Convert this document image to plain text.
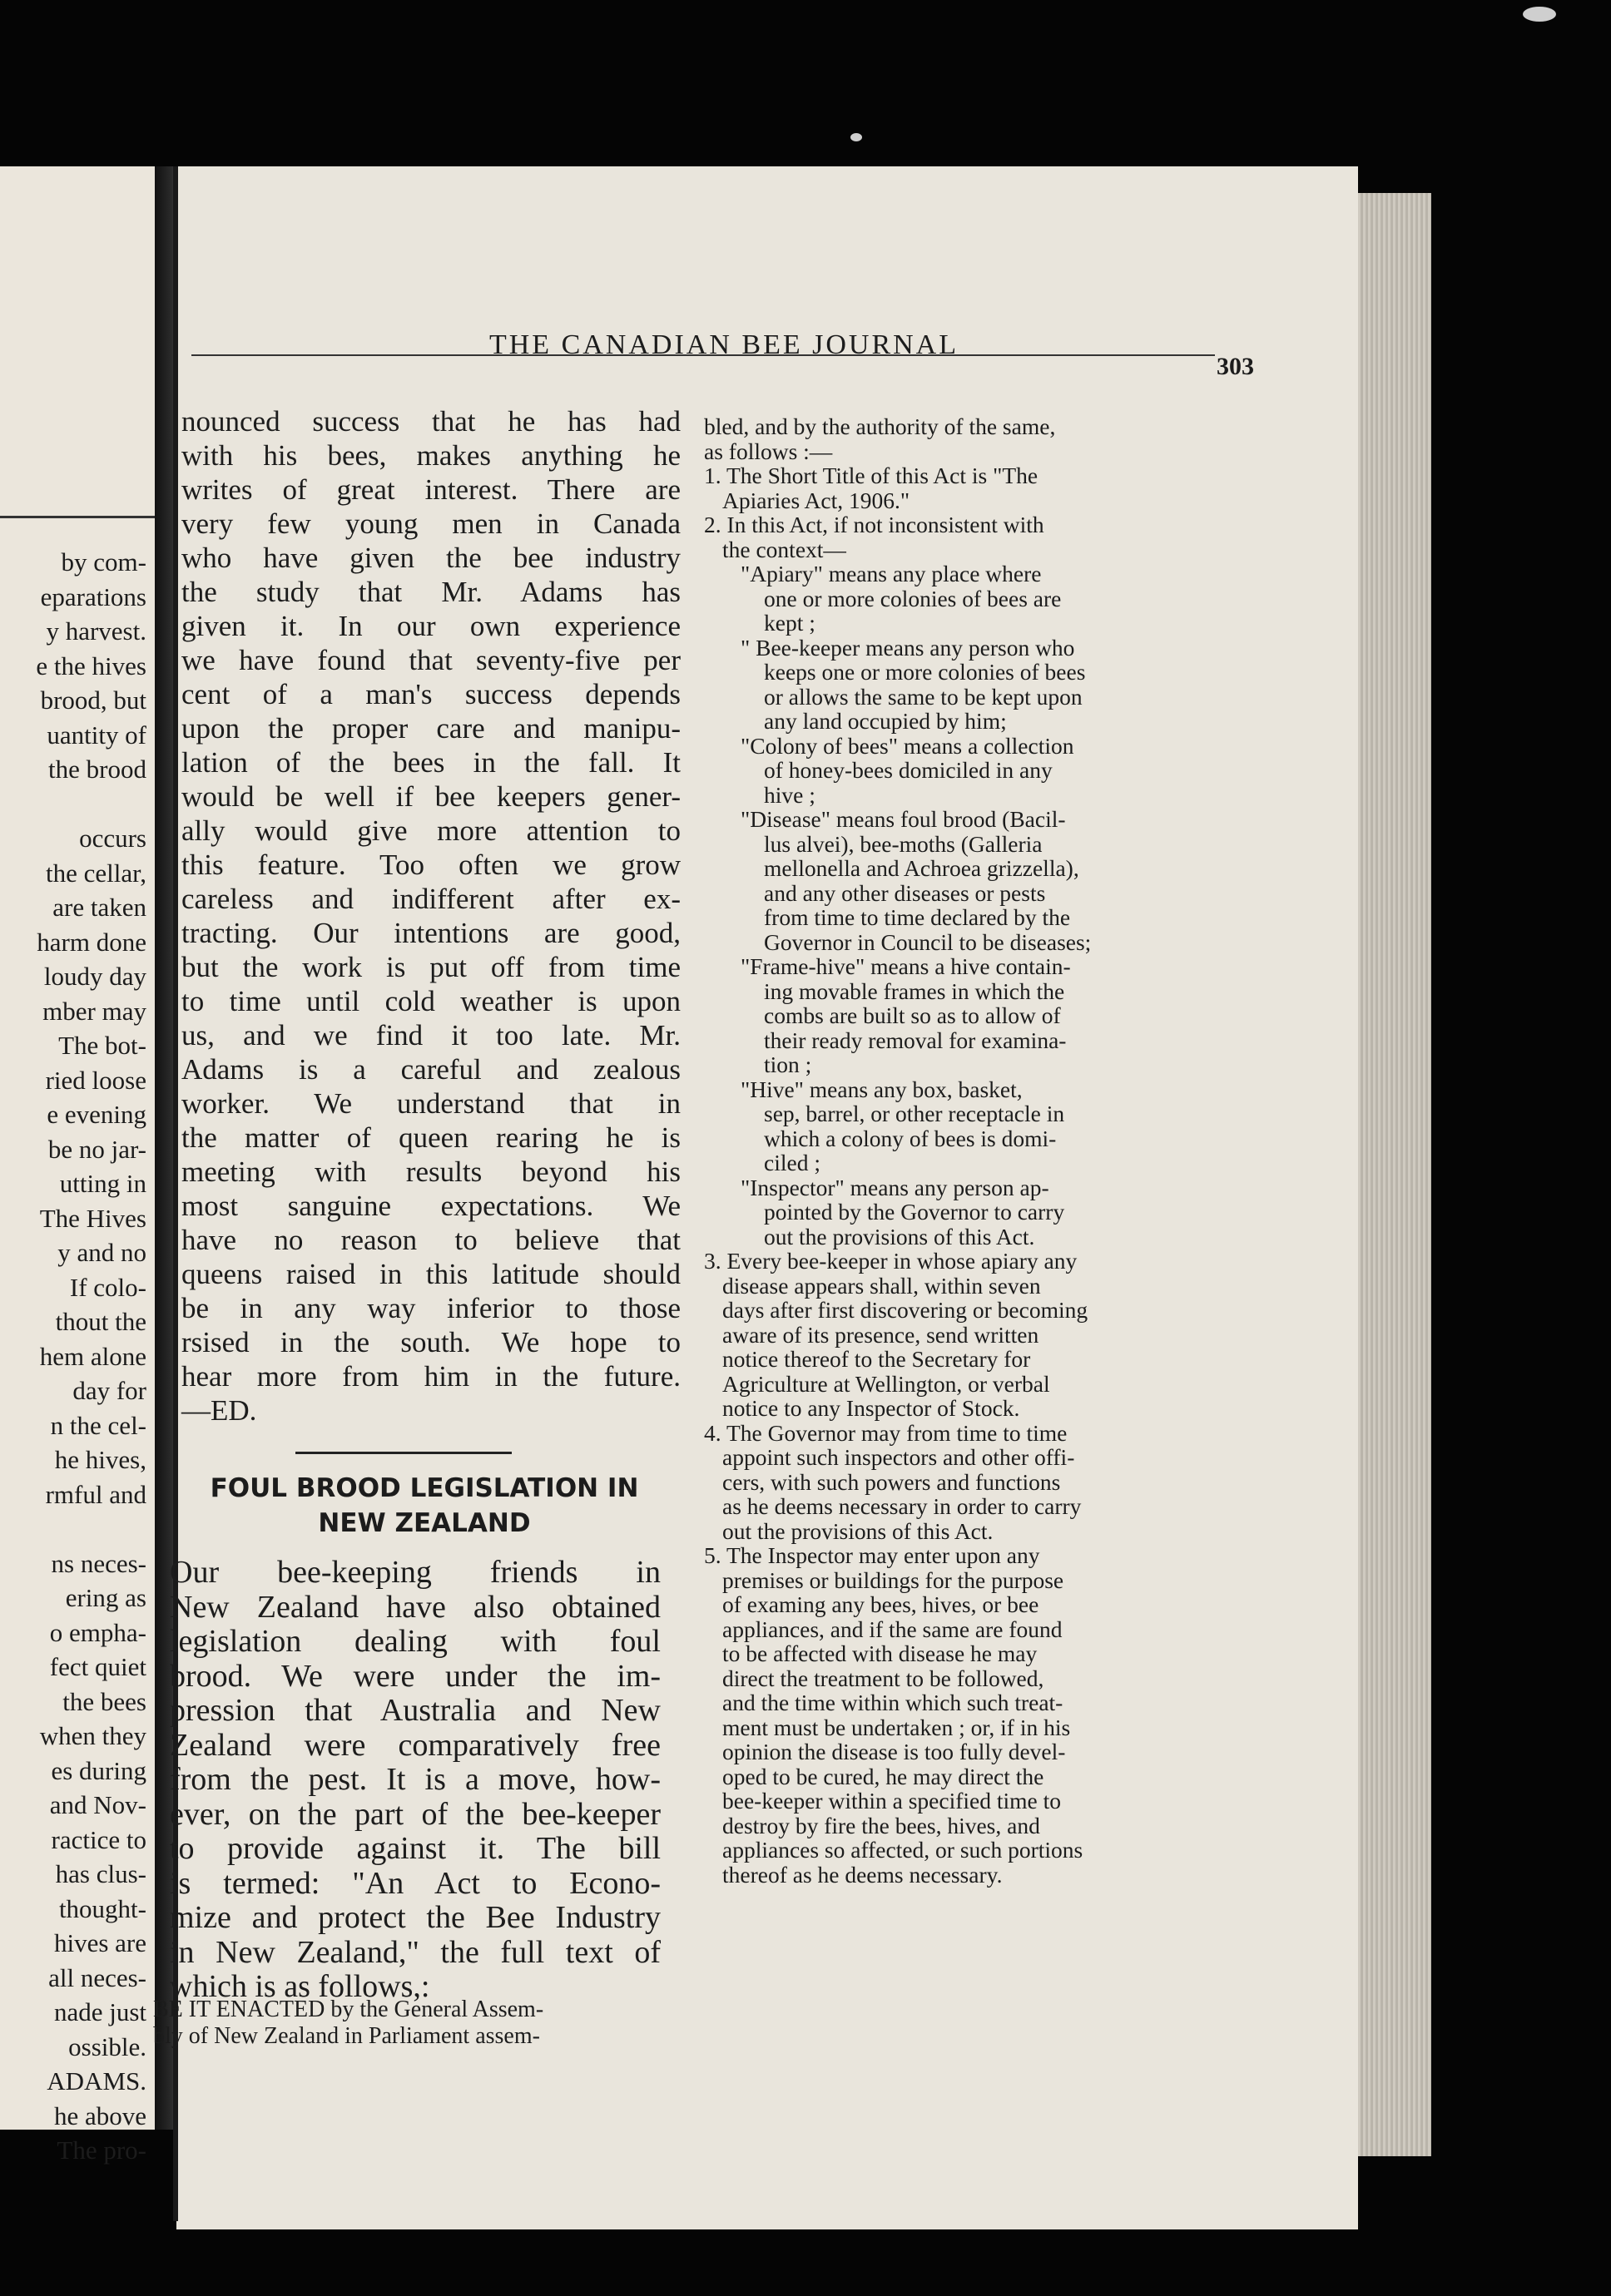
by com-
eparations
y harvest.
e the hives
brood, but
uantity of
the brood
occurs
the cellar,
are taken
harm done
loudy day
mber may
The bot-
ried loose
e evening
be no jar-
utting in
The Hives
y and no
If colo-
thout the
hem alone
day for
n the cel-
he hives,
rmful and
ns neces-
ering as
o empha-
fect quiet
the bees
when they
es during
and Nov-
ractice to
has clus-
thought-
hives are
all neces-
nade just
ossible.
ADAMS.
he above
The pro-
THE CANADIAN BEE JOURNAL
303
nounced success that he has had
with his bees, makes anything he
writes of great interest. There are
very few young men in Canada
who have given the bee industry
the study that Mr. Adams has
given it. In our own experience
we have found that seventy-five per
cent of a man's success depends
upon the proper care and manipu-
lation of the bees in the fall. It
would be well if bee keepers gener-
ally would give more attention to
this feature. Too often we grow
careless and indifferent after ex-
tracting. Our intentions are good,
but the work is put off from time
to time until cold weather is upon
us, and we find it too late. Mr.
Adams is a careful and zealous
worker. We understand that in
the matter of queen rearing he is
meeting with results beyond his
most sanguine expectations. We
have no reason to believe that
queens raised in this latitude should
be in any way inferior to those
rsised in the south. We hope to
hear more from him in the future.
—ED.
FOUL BROOD LEGISLATION IN
NEW ZEALAND
Our bee-keeping friends in
New Zealand have also obtained
legislation dealing with foul
brood. We were under the im-
pression that Australia and New
Zealand were comparatively free
from the pest. It is a move, how-
ever, on the part of the bee-keeper
to provide against it. The bill
is termed: "An Act to Econo-
mize and protect the Bee Industry
in New Zealand," the full text of
which is as follows,:
BE IT ENACTED by the General Assem-
bly of New Zealand in Parliament assem-
bled, and by the authority of the same,
as follows :—
1. The Short Title of this Act is "The
Apiaries Act, 1906."
2. In this Act, if not inconsistent with
the context—
"Apiary" means any place where
one or more colonies of bees are
kept ;
" Bee-keeper means any person who
keeps one or more colonies of bees
or allows the same to be kept upon
any land occupied by him;
"Colony of bees" means a collection
of honey-bees domiciled in any
hive ;
"Disease" means foul brood (Bacil-
lus alvei), bee-moths (Galleria
mellonella and Achroea grizzella),
and any other diseases or pests
from time to time declared by the
Governor in Council to be diseases;
"Frame-hive" means a hive contain-
ing movable frames in which the
combs are built so as to allow of
their ready removal for examina-
tion ;
"Hive" means any box, basket,
sep, barrel, or other receptacle in
which a colony of bees is domi-
ciled ;
"Inspector" means any person ap-
pointed by the Governor to carry
out the provisions of this Act.
3. Every bee-keeper in whose apiary any
disease appears shall, within seven
days after first discovering or becoming
aware of its presence, send written
notice thereof to the Secretary for
Agriculture at Wellington, or verbal
notice to any Inspector of Stock.
4. The Governor may from time to time
appoint such inspectors and other offi-
cers, with such powers and functions
as he deems necessary in order to carry
out the provisions of this Act.
5. The Inspector may enter upon any
premises or buildings for the purpose
of examing any bees, hives, or bee
appliances, and if the same are found
to be affected with disease he may
direct the treatment to be followed,
and the time within which such treat-
ment must be undertaken ; or, if in his
opinion the disease is too fully devel-
oped to be cured, he may direct the
bee-keeper within a specified time to
destroy by fire the bees, hives, and
appliances so affected, or such portions
thereof as he deems necessary.
